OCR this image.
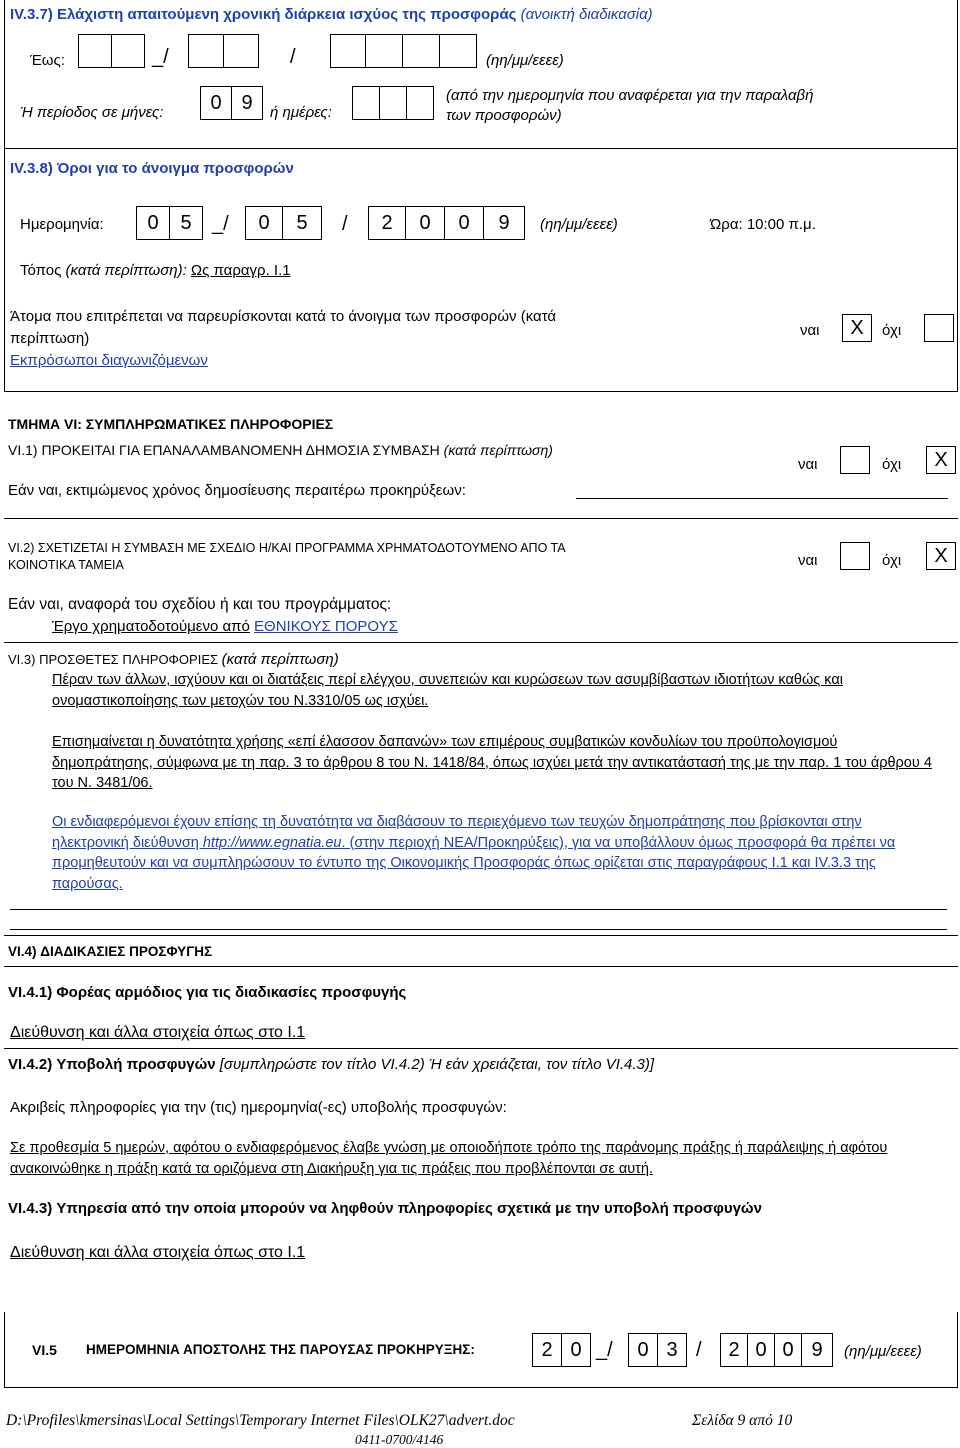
IV.3.7) Ελάχιστη απαιτούμενη χρονική διάρκεια ισχύος της προσφοράς (ανοικτή διαδικασία)
Έως:	_/	/	(ηη/μμ/εεεε)
Ή περίοδος σε μήνες:	0 9	ή ημέρες:
(από την ημερομηνία που αναφέρεται για την παραλαβή
των προσφορών)
IV.3.8) Όροι για το άνοιγμα προσφορών
Ημερομηνία:	0	5	_/	0	5	/	2	0	0	9	(ηη/μμ/εεεε)	Ώρα: 10:00 π.μ.
Τόπος (κατά περίπτωση): Ως παραγρ. Ι.1
Άτομα που επιτρέπεται να παρευρίσκονται κατά το άνοιγμα των προσφορών (κατά
περίπτωση)
Εκπρόσωποι διαγωνιζόμενων
ναι	X	όχι
ΤΜΗΜΑ VI: ΣΥΜΠΛΗΡΩΜΑΤΙΚΕΣ ΠΛΗΡΟΦΟΡΙΕΣ
VI.1) ΠΡΟΚΕΙΤΑΙ ΓΙΑ ΕΠΑΝΑΛΑΜΒΑΝΟΜΕΝΗ ΔΗΜΟΣΙΑ ΣΥΜΒΑΣΗ (κατά περίπτωση)
ναι	όχι	X
Εάν ναι, εκτιμώμενος χρόνος δημοσίευσης περαιτέρω προκηρύξεων:
VI.2) ΣΧΕΤΙΖΕΤΑΙ Η ΣΥΜΒΑΣΗ ΜΕ ΣΧΕΔΙΟ Η/ΚΑΙ ΠΡΟΓΡΑΜΜΑ ΧΡΗΜΑΤΟΔΟΤΟΥΜΕΝΟ ΑΠΟ ΤΑ
ΚΟΙΝΟΤΙΚΑ ΤΑΜΕΙΑ	ναι	όχι	X
Εάν ναι, αναφορά του σχεδίου ή και του προγράμματος:
Έργο χρηματοδοτούμενο από ΕΘΝΙΚΟΥΣ ΠΟΡΟΥΣ
VI.3) ΠΡΟΣΘΕΤΕΣ ΠΛΗΡΟΦΟΡΙΕΣ (κατά περίπτωση)
Πέραν των άλλων, ισχύουν και οι διατάξεις περί ελέγχου, συνεπειών και κυρώσεων των ασυμβίβαστων ιδιοτήτων καθώς και ονομαστικοποίησης των μετοχών του Ν.3310/05 ως ισχύει.
Επισημαίνεται η δυνατότητα χρήσης «επί έλασσον δαπανών» των επιμέρους συμβατικών κονδυλίων του προϋπολογισμού δημοπράτησης, σύμφωνα με τη παρ. 3 το άρθρου 8 του Ν. 1418/84, όπως ισχύει μετά την αντικατάστασή της με την παρ. 1 του άρθρου 4 του Ν. 3481/06.
Οι ενδιαφερόμενοι έχουν επίσης τη δυνατότητα να διαβάσουν το περιεχόμενο των τευχών δημοπράτησης που βρίσκονται στην ηλεκτρονική διεύθυνση http://www.egnatia.eu. (στην περιοχή ΝΕΑ/Προκηρύξεις), για να υποβάλλουν όμως προσφορά θα πρέπει να προμηθευτούν και να συμπληρώσουν το έντυπο της Οικονομικής Προσφοράς όπως ορίζεται στις παραγράφους Ι.1 και IV.3.3 της παρούσας.
VI.4) ΔΙΑΔΙΚΑΣΙΕΣ ΠΡΟΣΦΥΓΗΣ
VI.4.1) Φορέας αρμόδιος για τις διαδικασίες προσφυγής
Διεύθυνση και άλλα στοιχεία όπως στο Ι.1
VI.4.2) Υποβολή προσφυγών [συμπληρώστε τον τίτλο VI.4.2) Ή εάν χρειάζεται, τον τίτλο VI.4.3)]
Ακριβείς πληροφορίες για την (τις) ημερομηνία(-ες) υποβολής προσφυγών:
Σε προθεσμία 5 ημερών, αφότου ο ενδιαφερόμενος έλαβε γνώση με οποιοδήποτε τρόπο της παράνομης πράξης ή παράλειψης ή αφότου ανακοινώθηκε η πράξη κατά τα οριζόμενα στη Διακήρυξη για τις πράξεις που προβλέπονται σε αυτή.
VI.4.3) Υπηρεσία από την οποία μπορούν να ληφθούν πληροφορίες σχετικά με την υποβολή προσφυγών
Διεύθυνση και άλλα στοιχεία όπως στο Ι.1
VI.5 ΗΜΕΡΟΜΗΝΙΑ ΑΠΟΣΤΟΛΗΣ ΤΗΣ ΠΑΡΟΥΣΑΣ ΠΡΟΚΗΡΥΞΗΣ:	2 0 _/	0 3 /	2 0 0 9	(ηη/μμ/εεεε)
D:\Profiles\kmersinas\Local Settings\Temporary Internet Files\OLK27\advert.doc	Σελίδα 9 από 10
0411-0700/4146
